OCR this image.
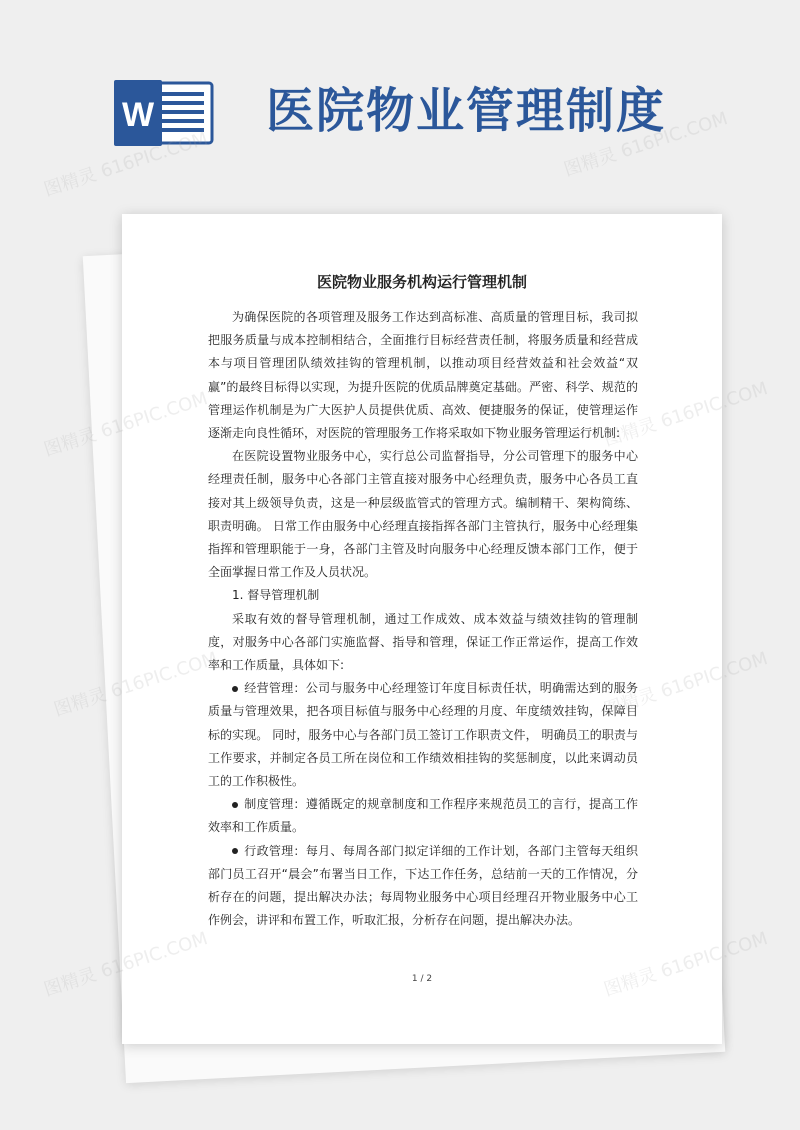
W 医院物业管理制度
医院物业服务机构运行管理机制

为确保医院的各项管理及服务工作达到高标准、高质量的管理目标，我司拟把服务质量与成本控制相结合，全面推行目标经营责任制，将服务质量和经营成本与项目管理团队绩效挂钩的管理机制，以推动项目经营效益和社会效益“双赢”的最终目标得以实现，为提升医院的优质品牌奠定基础。严密、科学、规范的管理运作机制是为广大医护人员提供优质、高效、便捷服务的保证，使管理运作逐渐走向良性循环，对医院的管理服务工作将采取如下物业服务管理运行机制:

在医院设置物业服务中心，实行总公司监督指导，分公司管理下的服务中心经理责任制，服务中心各部门主管直接对服务中心经理负责，服务中心各员工直接对其上级领导负责，这是一种层级监管式的管理方式。编制精干、架构简练、职责明确。 日常工作由服务中心经理直接指挥各部门主管执行，服务中心经理集指挥和管理职能于一身，各部门主管及时向服务中心经理反馈本部门工作，便于全面掌握日常工作及人员状况。

1. 督导管理机制

采取有效的督导管理机制，通过工作成效、成本效益与绩效挂钩的管理制度，对服务中心各部门实施监督、指导和管理，保证工作正常运作，提高工作效率和工作质量，具体如下:

经营管理：公司与服务中心经理签订年度目标责任状，明确需达到的服务质量与管理效果，把各项目标值与服务中心经理的月度、年度绩效挂钩，保障目标的实现。 同时，服务中心与各部门员工签订工作职责文件， 明确员工的职责与工作要求，并制定各员工所在岗位和工作绩效相挂钩的奖惩制度，以此来调动员工的工作积极性。

制度管理：遵循既定的规章制度和工作程序来规范员工的言行，提高工作效率和工作质量。

行政管理：每月、每周各部门拟定详细的工作计划，各部门主管每天组织部门员工召开“晨会”布署当日工作，下达工作任务，总结前一天的工作情况，分析存在的问题，提出解决办法；每周物业服务中心项目经理召开物业服务中心工作例会，讲评和布置工作，听取汇报，分析存在问题，提出解决办法。

1 / 2
图精灵 616PIC.COM	图精灵 616PIC.COM
图精灵
图精灵
图精灵
